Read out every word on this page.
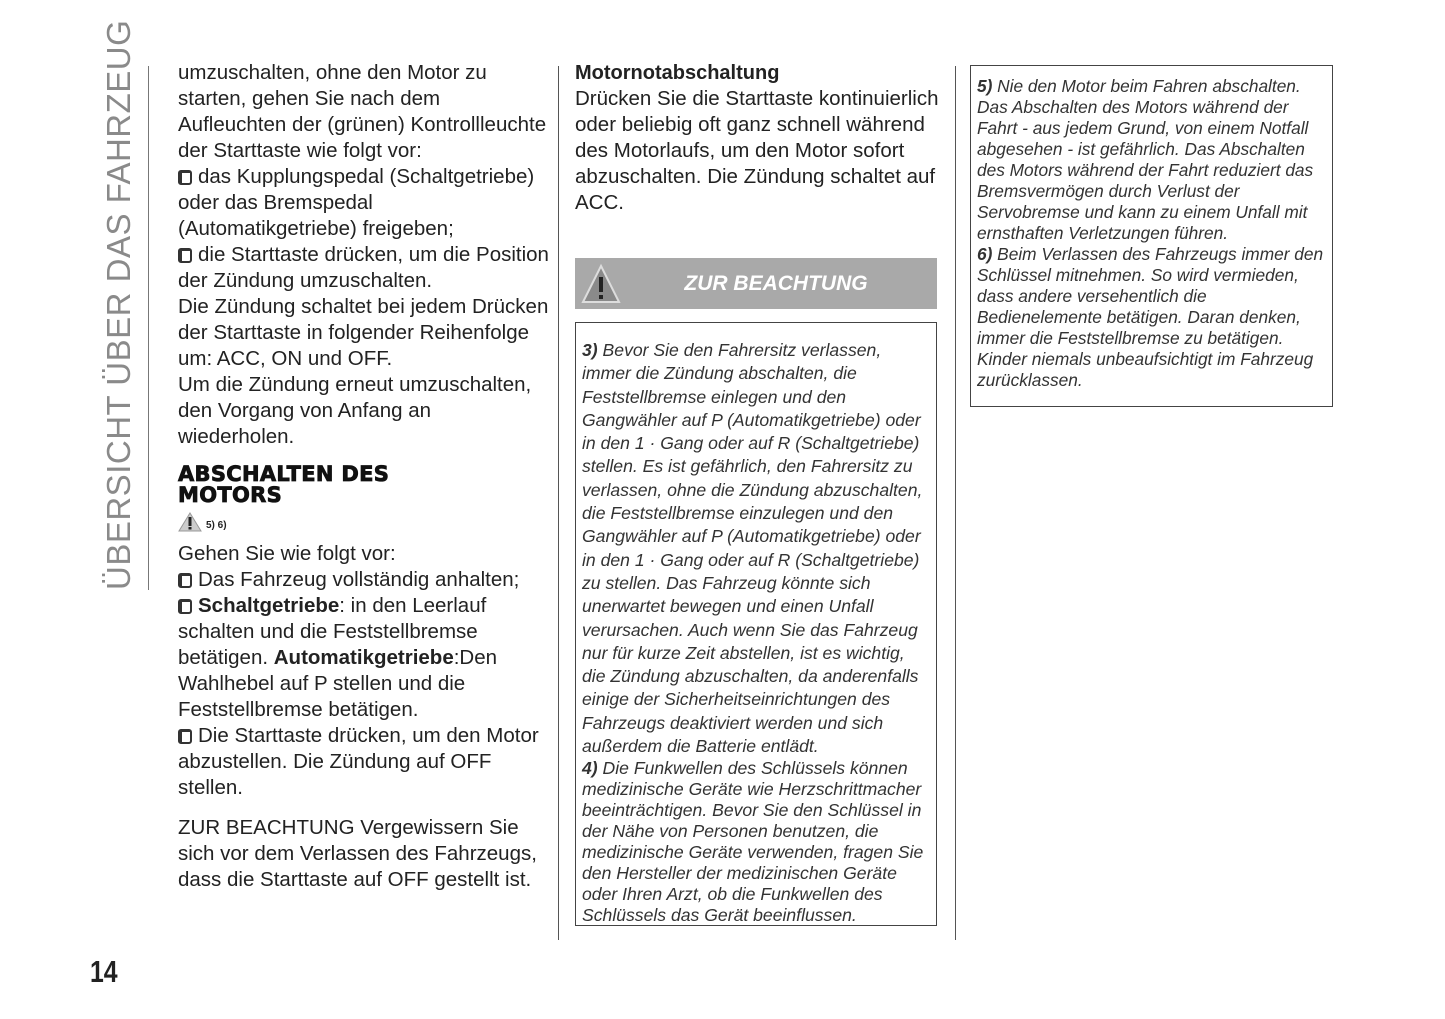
ÜBERSICHT ÜBER DAS FAHRZEUG
14

umzuschalten, ohne den Motor zu starten, gehen Sie nach dem Aufleuchten der (grünen) Kontrollleuchte der Starttaste wie folgt vor:

das Kupplungspedal (Schaltgetriebe) oder das Bremspedal (Automatikgetriebe) freigeben;

die Starttaste drücken, um die Position der Zündung umzuschalten.

Die Zündung schaltet bei jedem Drücken der Starttaste in folgender Reihenfolge um: ACC, ON und OFF.

Um die Zündung erneut umzuschalten, den Vorgang von Anfang an wiederholen.

ABSCHALTEN DES MOTORS

5) 6)

Gehen Sie wie folgt vor:

Das Fahrzeug vollständig anhalten;

Schaltgetriebe: in den Leerlauf schalten und die Feststellbremse betätigen. Automatikgetriebe:Den Wahlhebel auf P stellen und die Feststellbremse betätigen.

Die Starttaste drücken, um den Motor abzustellen. Die Zündung auf OFF stellen.

ZUR BEACHTUNG Vergewissern Sie sich vor dem Verlassen des Fahrzeugs, dass die Starttaste auf OFF gestellt ist.

Motornotabschaltung

Drücken Sie die Starttaste kontinuierlich oder beliebig oft ganz schnell während des Motorlaufs, um den Motor sofort abzuschalten. Die Zündung schaltet auf ACC.

ZUR BEACHTUNG

3) Bevor Sie den Fahrersitz verlassen, immer die Zündung abschalten, die Feststellbremse einlegen und den Gangwähler auf P (Automatikgetriebe) oder in den 1 · Gang oder auf R (Schaltgetriebe) stellen. Es ist gefährlich, den Fahrersitz zu verlassen, ohne die Zündung abzuschalten, die Feststellbremse einzulegen und den Gangwähler auf P (Automatikgetriebe) oder in den 1 · Gang oder auf R (Schaltgetriebe) zu stellen. Das Fahrzeug könnte sich unerwartet bewegen und einen Unfall verursachen. Auch wenn Sie das Fahrzeug nur für kurze Zeit abstellen, ist es wichtig, die Zündung abzuschalten, da anderenfalls einige der Sicherheitseinrichtungen des Fahrzeugs deaktiviert werden und sich außerdem die Batterie entlädt.

4) Die Funkwellen des Schlüssels können medizinische Geräte wie Herzschrittmacher beeinträchtigen. Bevor Sie den Schlüssel in der Nähe von Personen benutzen, die medizinische Geräte verwenden, fragen Sie den Hersteller der medizinischen Geräte oder Ihren Arzt, ob die Funkwellen des Schlüssels das Gerät beeinflussen.

5) Nie den Motor beim Fahren abschalten. Das Abschalten des Motors während der Fahrt - aus jedem Grund, von einem Notfall abgesehen - ist gefährlich. Das Abschalten des Motors während der Fahrt reduziert das Bremsvermögen durch Verlust der Servobremse und kann zu einem Unfall mit ernsthaften Verletzungen führen.

6) Beim Verlassen des Fahrzeugs immer den Schlüssel mitnehmen. So wird vermieden, dass andere versehentlich die Bedienelemente betätigen. Daran denken, immer die Feststellbremse zu betätigen. Kinder niemals unbeaufsichtigt im Fahrzeug zurücklassen.
